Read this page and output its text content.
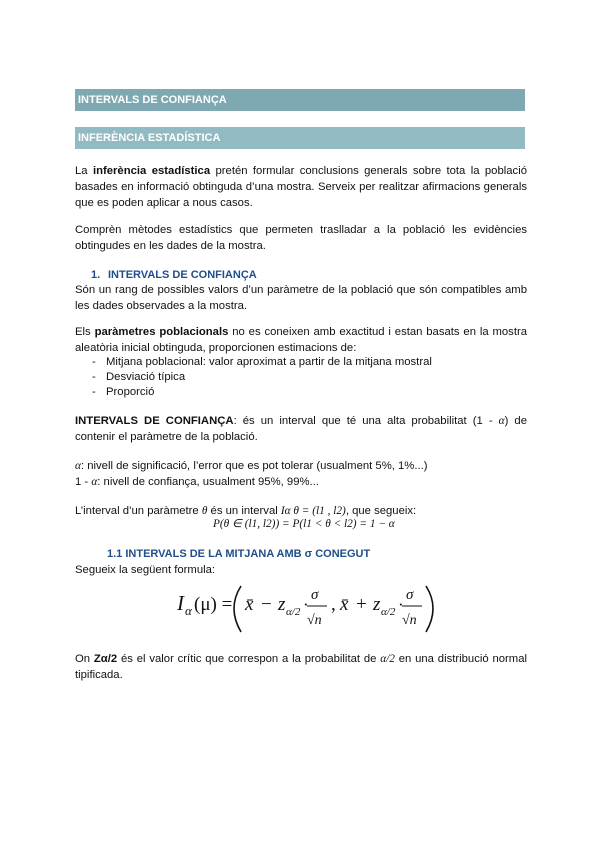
INTERVALS DE CONFIANÇA
INFERÈNCIA ESTADÍSTICA

La inferència estadística pretén formular conclusions generals sobre tota la població basades en informació obtinguda d’una mostra. Serveix per realitzar afirmacions generals que es poden aplicar a nous casos.

Comprèn mètodes estadístics que permeten traslladar a la població les evidències obtingudes en les dades de la mostra.

1. INTERVALS DE CONFIANÇA

Són un rang de possibles valors d’un paràmetre de la població que són compatibles amb les dades observades a la mostra.

Els paràmetres poblacionals no es coneixen amb exactitud i estan basats en la mostra aleatòria inicial obtinguda, proporcionen estimacions de:

- Mitjana poblacional: valor aproximat a partir de la mitjana mostral
- Desviació típica
- Proporció

INTERVALS DE CONFIANÇA: és un interval que té una alta probabilitat (1 - α) de contenir el paràmetre de la població.

α: nivell de significació, l’error que es pot tolerar (usualment 5%, 1%...)

1 - α: nivell de confiança, usualment 95%, 99%...

L’interval d’un paràmetre θ és un interval Iα θ = (l1 , l2), que segueix:

P(θ ∈ (l1, l2)) = P(l1 < θ < l2) = 1 − α
1.1 INTERVALS DE LA MITJANA AMB σ CONEGUT

Segueix la següent formula:

I α (μ) = x̄ − z α/2 · σ
√n
, x̄ + z α/2 · σ
√n

On Zα/2 és el valor crític que correspon a la probabilitat de α/2 en una distribució normal tipificada.
